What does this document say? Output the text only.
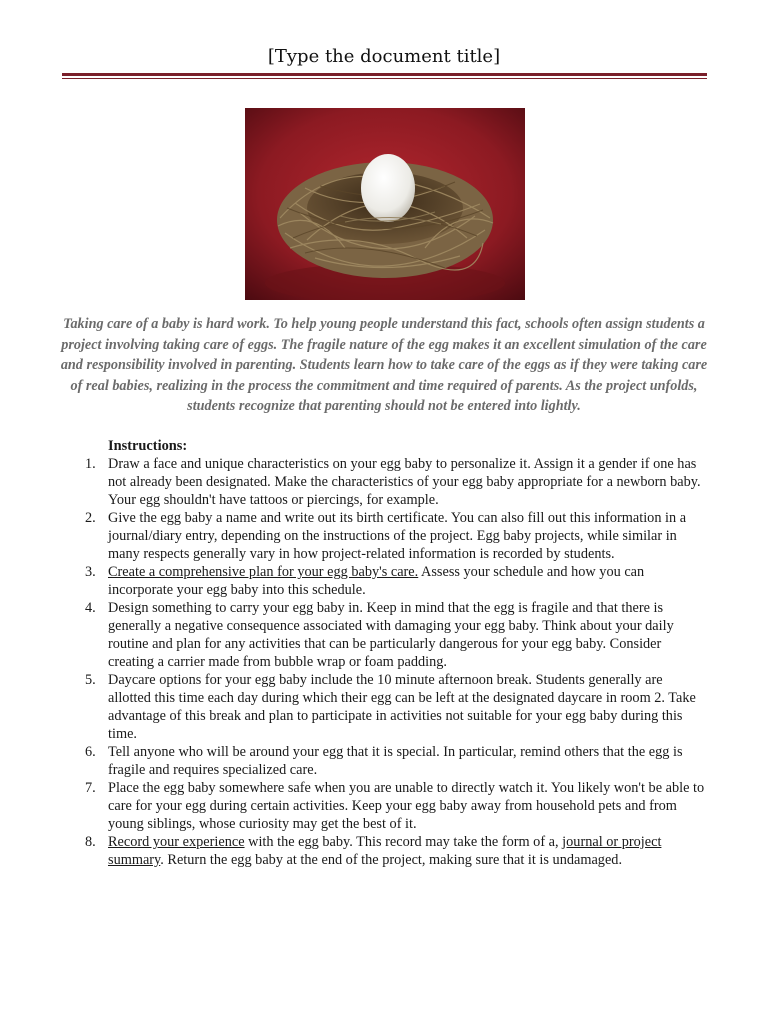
[Type the document title]
Taking care of a baby is hard work. To help young people understand this fact, schools often assign students a project involving taking care of eggs. The fragile nature of the egg makes it an excellent simulation of the care and responsibility involved in parenting. Students learn how to take care of the eggs as if they were taking care of real babies, realizing in the process the commitment and time required of parents. As the project unfolds, students recognize that parenting should not be entered into lightly.
Instructions:
1. Draw a face and unique characteristics on your egg baby to personalize it. Assign it a gender if one has not already been designated. Make the characteristics of your egg baby appropriate for a newborn baby. Your egg shouldn't have tattoos or piercings, for example.
2. Give the egg baby a name and write out its birth certificate. You can also fill out this information in a journal/diary entry, depending on the instructions of the project. Egg baby projects, while similar in many respects generally vary in how project-related information is recorded by students.
3. Create a comprehensive plan for your egg baby's care. Assess your schedule and how you can incorporate your egg baby into this schedule.
4. Design something to carry your egg baby in. Keep in mind that the egg is fragile and that there is generally a negative consequence associated with damaging your egg baby. Think about your daily routine and plan for any activities that can be particularly dangerous for your egg baby. Consider creating a carrier made from bubble wrap or foam padding.
5. Daycare options for your egg baby include the 10 minute afternoon break. Students generally are allotted this time each day during which their egg can be left at the designated daycare in room 2. Take advantage of this break and plan to participate in activities not suitable for your egg baby during this time.
6. Tell anyone who will be around your egg that it is special. In particular, remind others that the egg is fragile and requires specialized care.
7. Place the egg baby somewhere safe when you are unable to directly watch it. You likely won't be able to care for your egg during certain activities. Keep your egg baby away from household pets and from young siblings, whose curiosity may get the best of it.
8. Record your experience with the egg baby. This record may take the form of a, journal or project summary. Return the egg baby at the end of the project, making sure that it is undamaged.
